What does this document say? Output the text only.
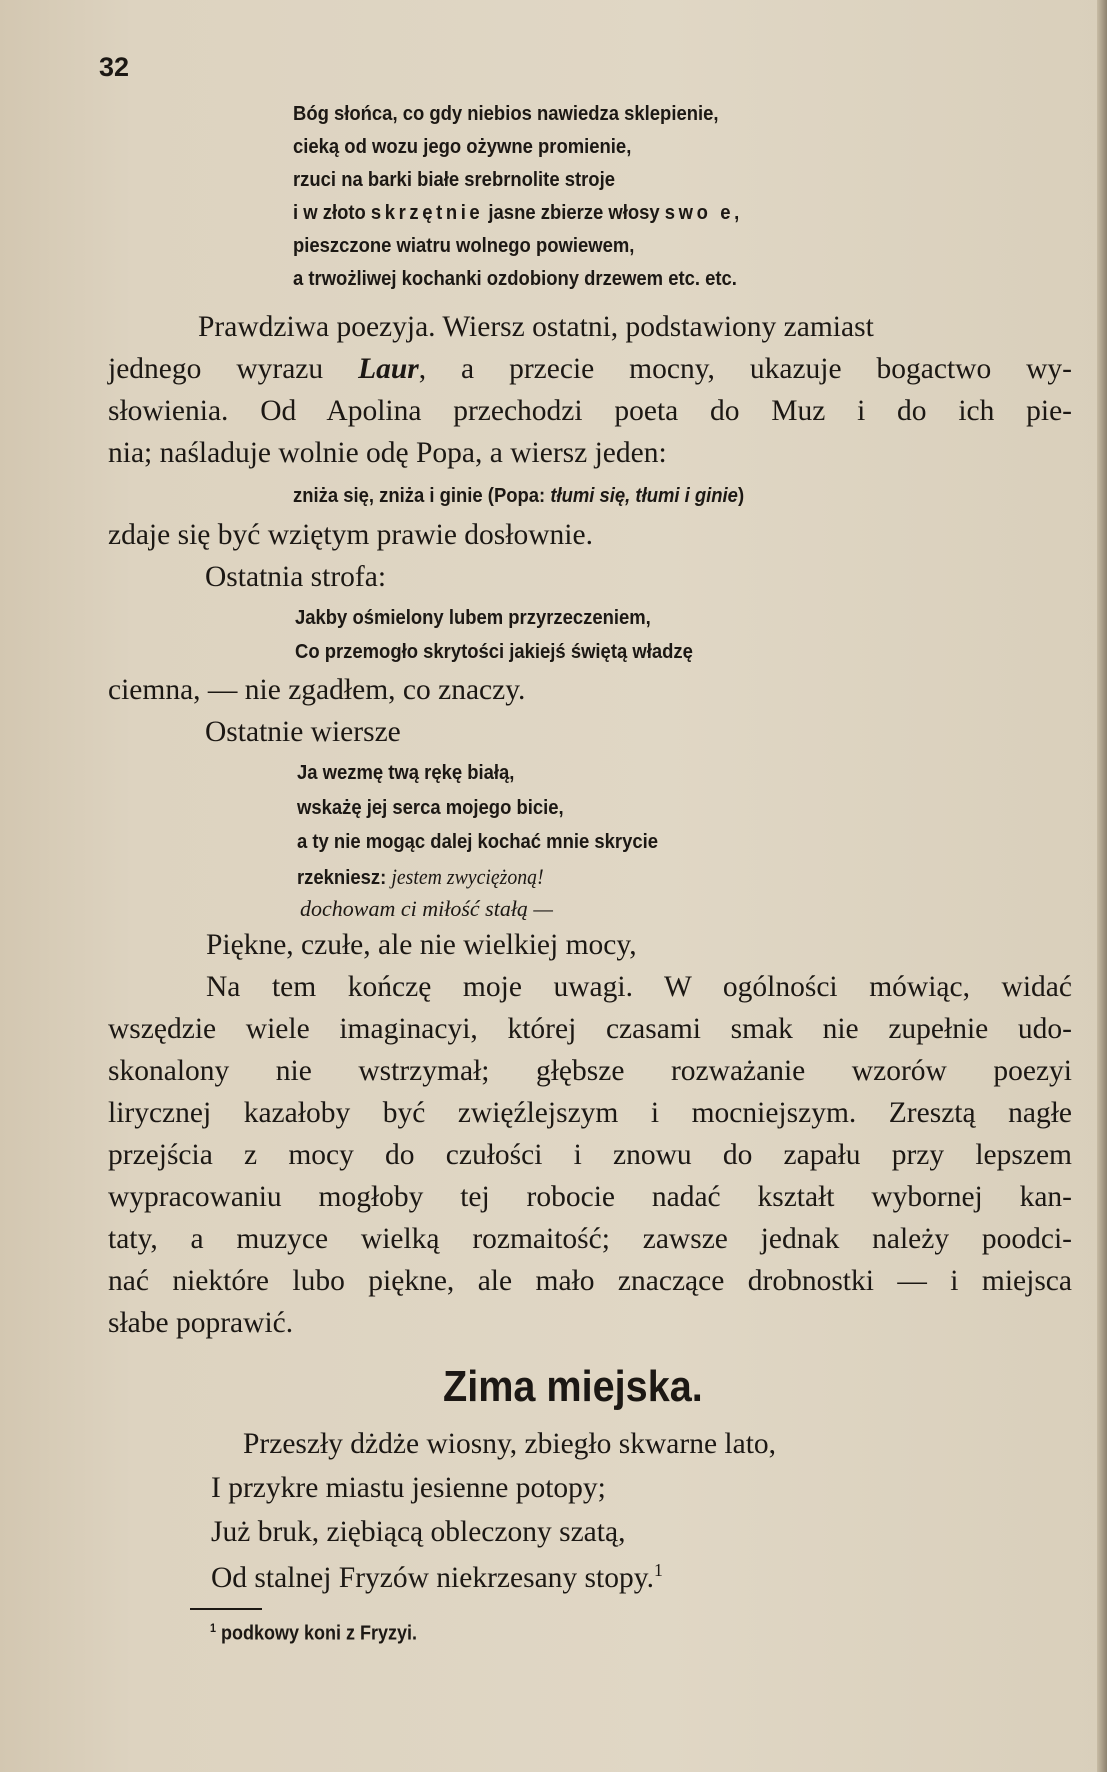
32
Bóg słońca, co gdy niebios nawiedza sklepienie,
cieką od wozu jego ożywne promienie,
rzuci na barki białe srebrnolite stroje
i w złoto skrzętnie jasne zbierze włosy swo e,
pieszczone wiatru wolnego powiewem,
a trwożliwej kochanki ozdobiony drzewem etc. etc.
Prawdziwa poezyja. Wiersz ostatni, podstawiony zamiast
jednego wyrazu Laur, a przecie mocny, ukazuje bogactwo wy-
słowienia. Od Apolina przechodzi poeta do Muz i do ich pie-
nia; naśladuje wolnie odę Popa, a wiersz jeden:
zniża się, zniża i ginie (Popa: tłumi się, tłumi i ginie)
zdaje się być wziętym prawie dosłownie.
Ostatnia strofa:
Jakby ośmielony lubem przyrzeczeniem,
Co przemogło skrytości jakiejś świętą władzę
ciemna, — nie zgadłem, co znaczy.
Ostatnie wiersze
Ja wezmę twą rękę białą,
wskażę jej serca mojego bicie,
a ty nie mogąc dalej kochać mnie skrycie
rzekniesz: jestem zwyciężoną!
dochowam ci miłość stałą —
Piękne, czułe, ale nie wielkiej mocy,
Na tem kończę moje uwagi. W ogólności mówiąc, widać
wszędzie wiele imaginacyi, której czasami smak nie zupełnie udo-
skonalony nie wstrzymał; głębsze rozważanie wzorów poezyi
lirycznej kazałoby być zwięźlejszym i mocniejszym. Zresztą nagłe
przejścia z mocy do czułości i znowu do zapału przy lepszem
wypracowaniu mogłoby tej robocie nadać kształt wybornej kan-
taty, a muzyce wielką rozmaitość; zawsze jednak należy poodci-
nać niektóre lubo piękne, ale mało znaczące drobnostki — i miejsca
słabe poprawić.
Zima miejska.
Przeszły dżdże wiosny, zbiegło skwarne lato,
I przykre miastu jesienne potopy;
Już bruk, ziębiącą obleczony szatą,
Od stalnej Fryzów niekrzesany stopy.$^1$
$^1$ podkowy koni z Fryzyi.
